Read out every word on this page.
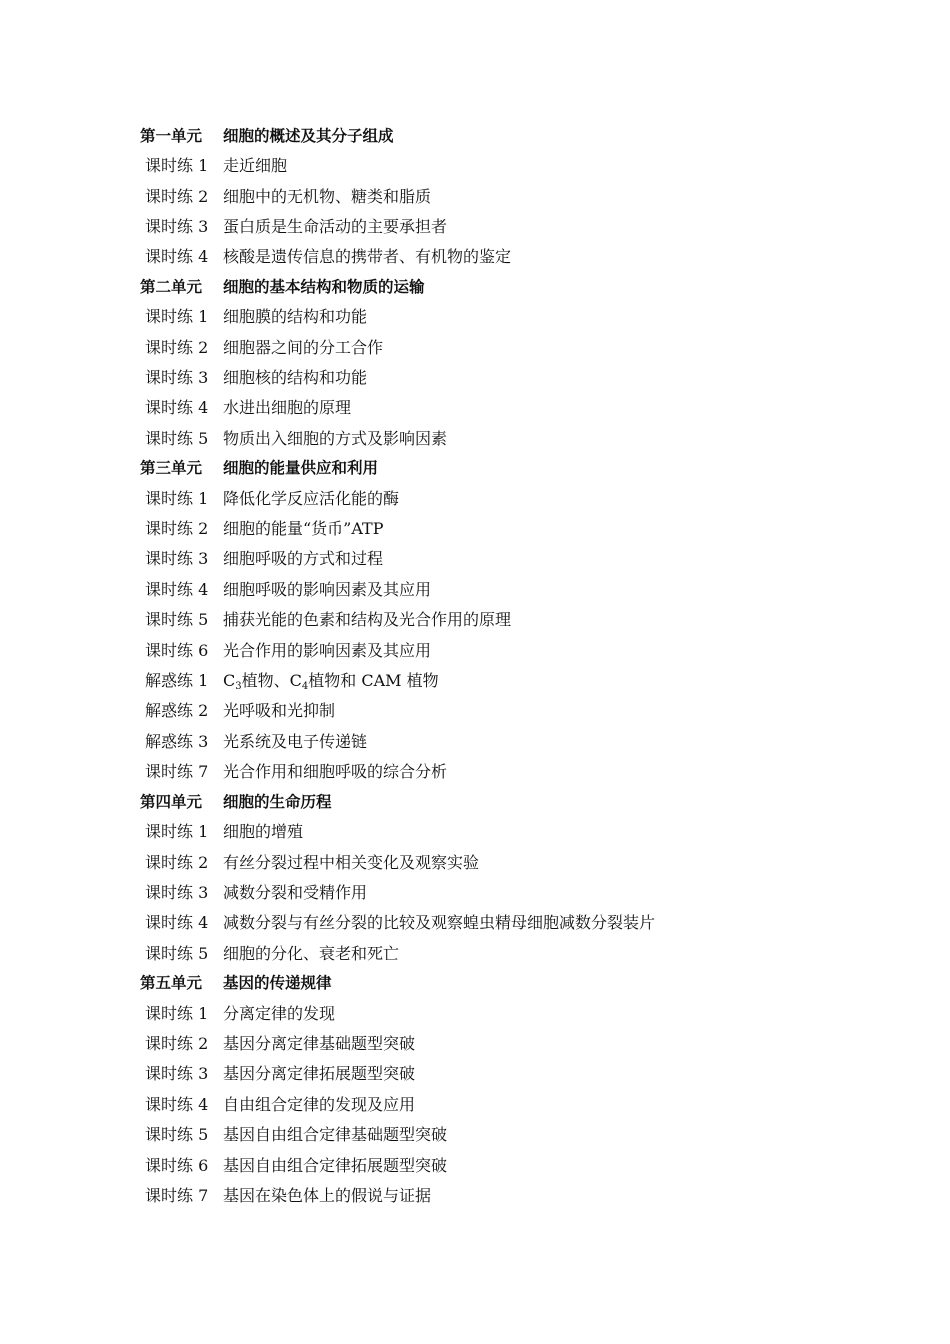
第一单元	细胞的概述及其分子组成
课时练 1 走近细胞
课时练 2 细胞中的无机物、糖类和脂质
课时练 3 蛋白质是生命活动的主要承担者
课时练 4 核酸是遗传信息的携带者、有机物的鉴定
第二单元	细胞的基本结构和物质的运输
课时练 1 细胞膜的结构和功能
课时练 2 细胞器之间的分工合作
课时练 3 细胞核的结构和功能
课时练 4 水进出细胞的原理
课时练 5 物质出入细胞的方式及影响因素
第三单元	细胞的能量供应和利用
课时练 1 降低化学反应活化能的酶
课时练 2 细胞的能量“货币”ATP
课时练 3 细胞呼吸的方式和过程
课时练 4 细胞呼吸的影响因素及其应用
课时练 5 捕获光能的色素和结构及光合作用的原理
课时练 6 光合作用的影响因素及其应用
解惑练 1 $C_3$植物、$C_4$植物和 CAM 植物
解惑练 2 光呼吸和光抑制
解惑练 3 光系统及电子传递链
课时练 7 光合作用和细胞呼吸的综合分析
第四单元	细胞的生命历程
课时练 1 细胞的增殖
课时练 2 有丝分裂过程中相关变化及观察实验
课时练 3 减数分裂和受精作用
课时练 4 减数分裂与有丝分裂的比较及观察蝗虫精母细胞减数分裂装片
课时练 5 细胞的分化、衰老和死亡
第五单元	基因的传递规律
课时练 1 分离定律的发现
课时练 2 基因分离定律基础题型突破
课时练 3 基因分离定律拓展题型突破
课时练 4 自由组合定律的发现及应用
课时练 5 基因自由组合定律基础题型突破
课时练 6 基因自由组合定律拓展题型突破
课时练 7 基因在染色体上的假说与证据
